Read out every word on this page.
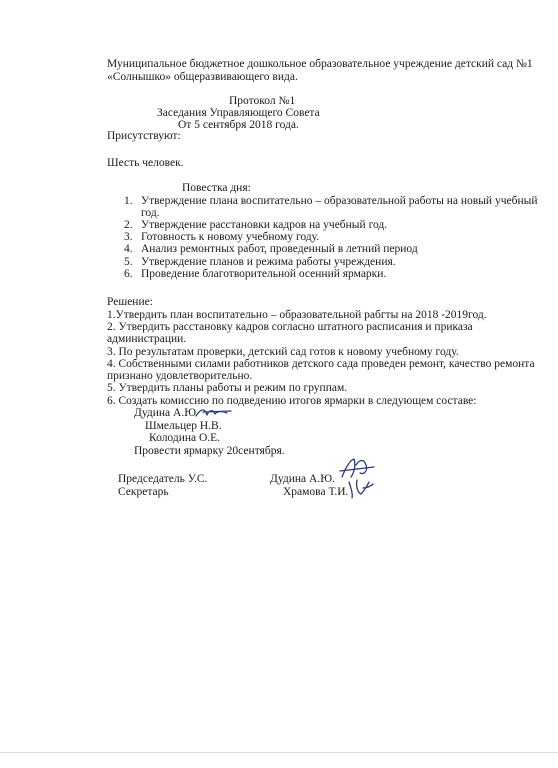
Муниципальное бюджетное дошкольное образовательное учреждение детский сад №1
«Солнышко» общеразвивающего вида.
Протокол №1
Заседания Управляющего Совета
От 5 сентября 2018 года.
Присутствуют:
Шесть человек.
Повестка дня:
1. Утверждение плана воспитательно – образовательной работы на новый учебный
год.
2. Утверждение расстановки кадров на учебный год.
3. Готовность к новому учебному году.
4. Анализ ремонтных работ, проведенный в летний период
5. Утверждение планов и режима работы учреждения.
6. Проведение благотворительной осенний ярмарки.
Решение:
1.Утвердить план воспитательно – образовательной рабгты на 2018 -2019год.
2. Утвердить расстановку кадров согласно штатного расписания и приказа
администрации.
3. По результатам проверки, детский сад готов к новому учебному году.
4. Собственными силами работников детского сада проведен ремонт, качество ремонта
признано удовлетворительно.
5. Утвердить планы работы и режим по группам.
6. Создать комиссию по подведению итогов ярмарки в следующем составе:
Дудина А.Ю
Шмельцер Н.В.
Колодина О.Е.
Провести ярмарку 20сентября.
Председатель У.С.	Дудина А.Ю.
Секретарь	Храмова Т.И.
